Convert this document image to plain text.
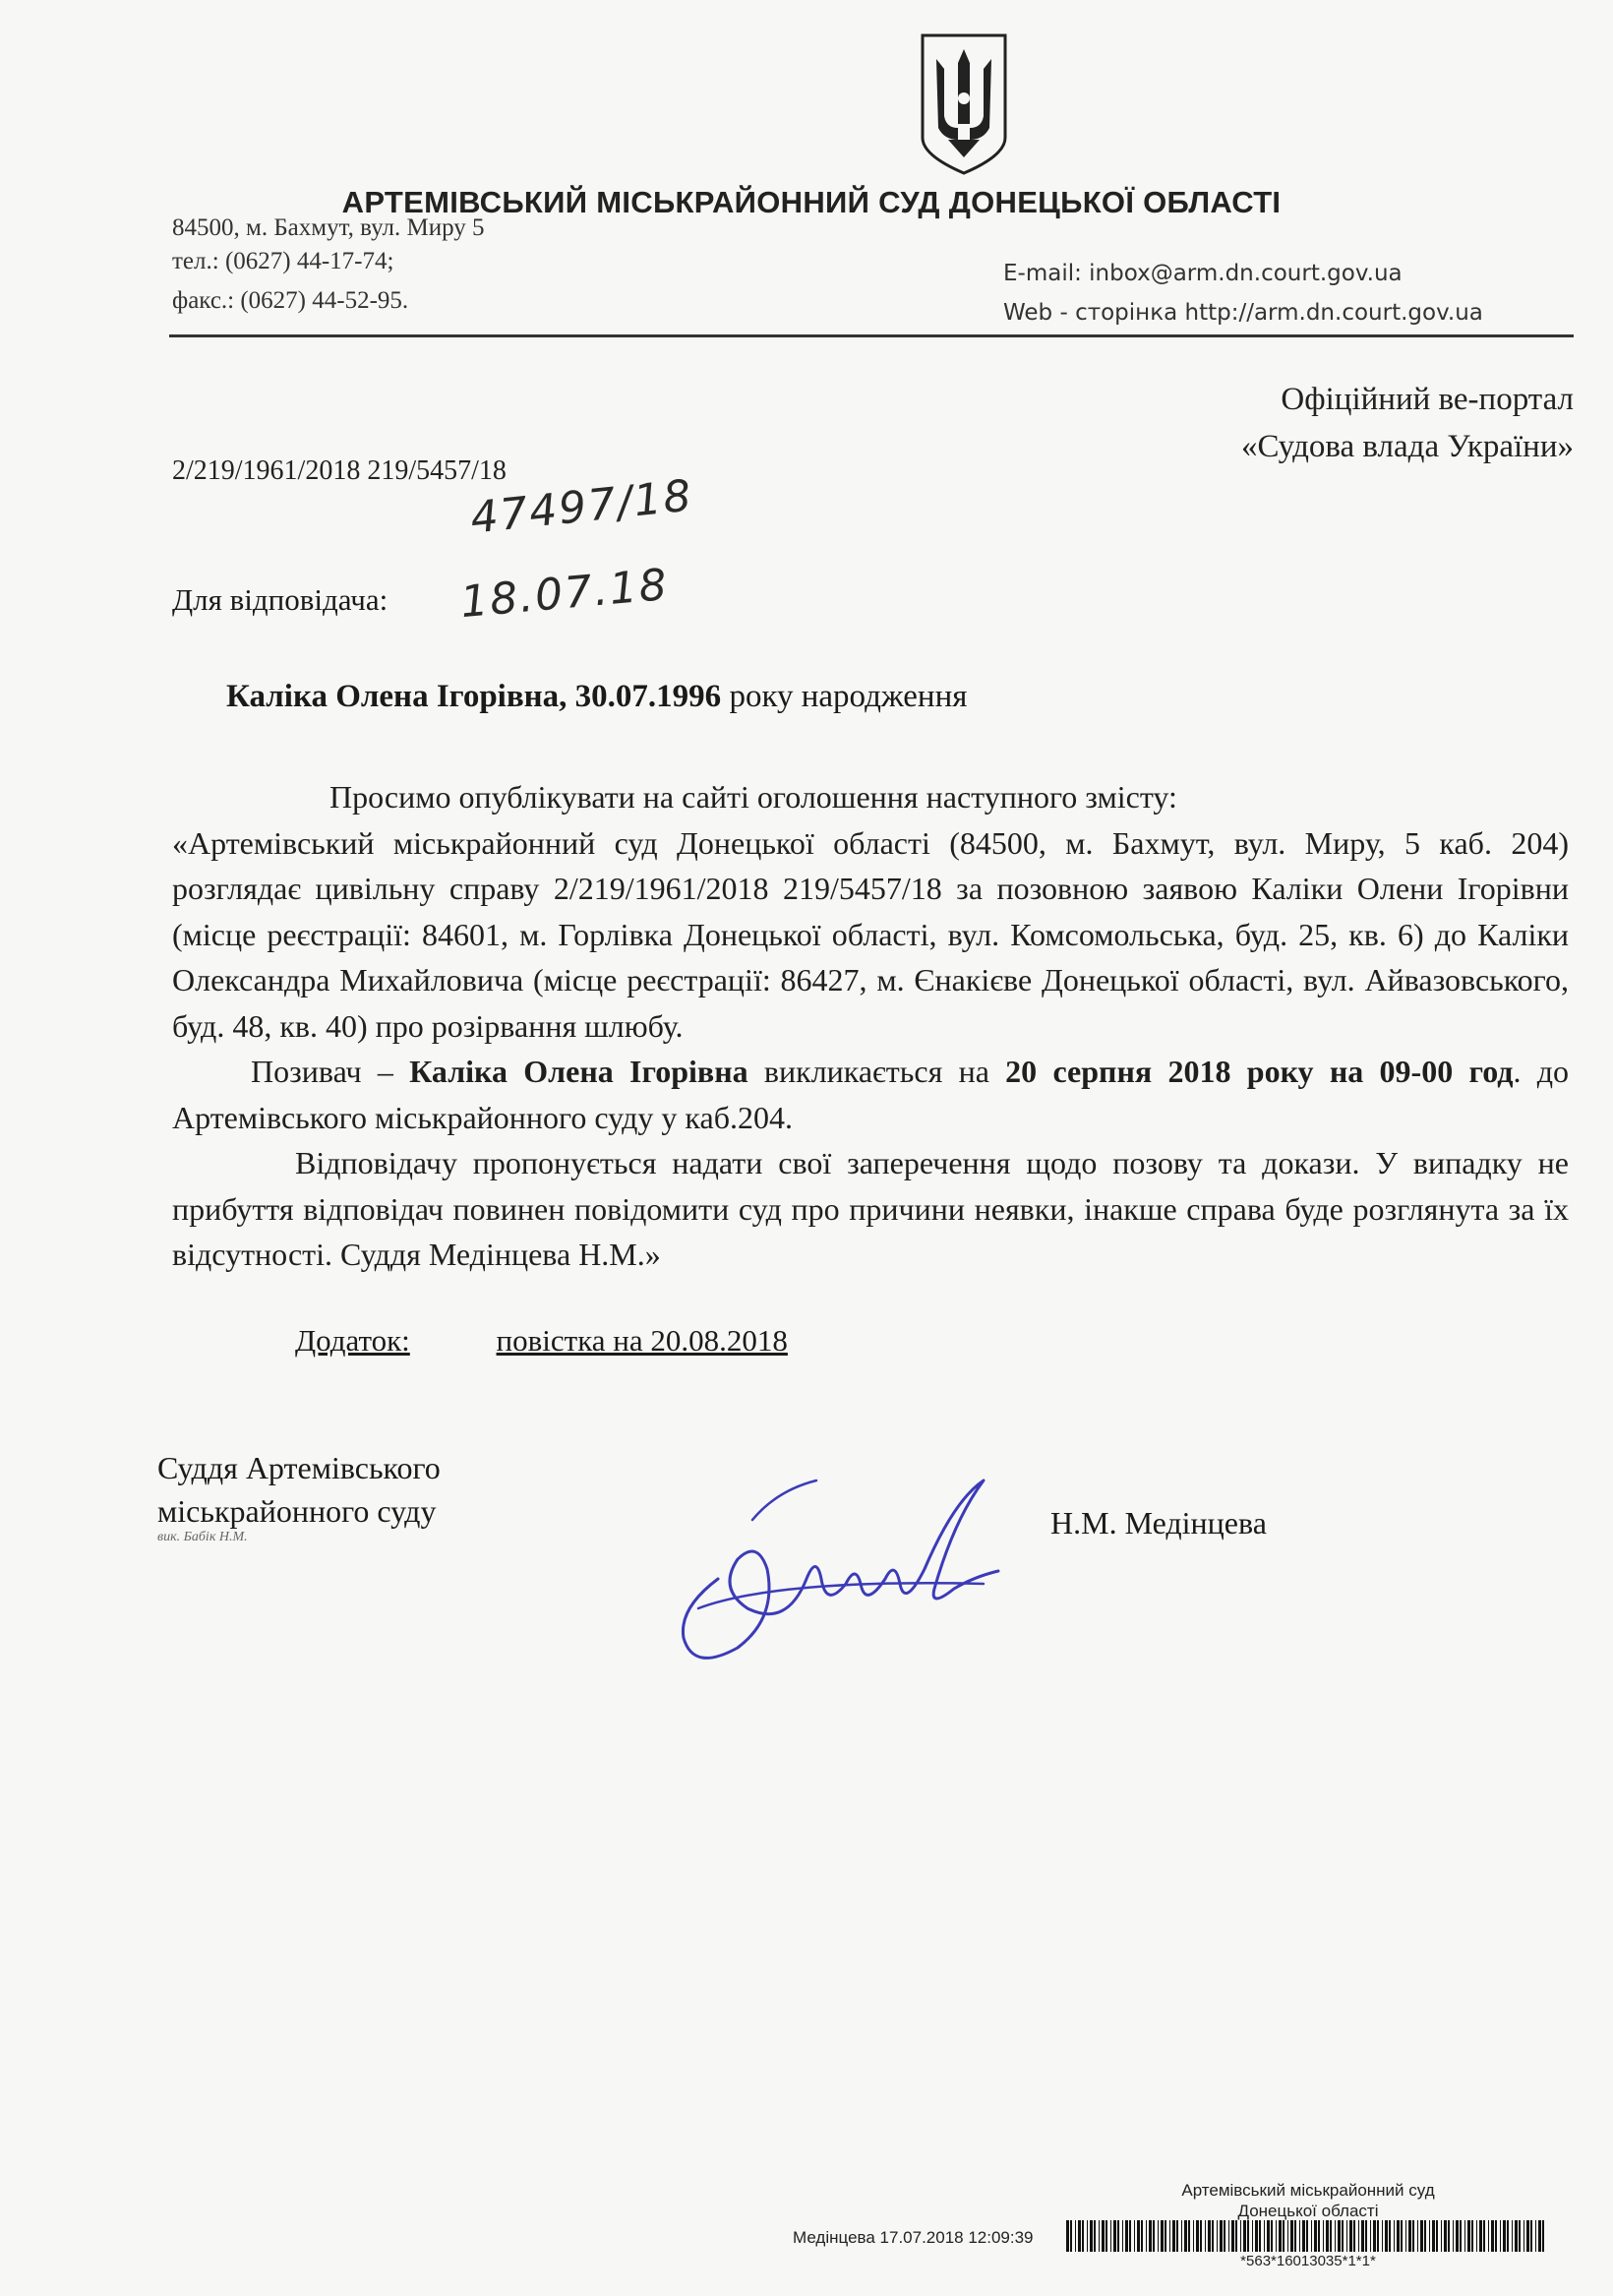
АРТЕМІВСЬКИЙ МІСЬКРАЙОННИЙ СУД ДОНЕЦЬКОЇ ОБЛАСТІ
84500, м. Бахмут, вул. Миру 5
тел.: (0627) 44-17-74;
факс.: (0627) 44-52-95.
E-mail: inbox@arm.dn.court.gov.ua
Web - сторінка http://arm.dn.court.gov.ua
Офіційний ве-портал
«Судова влада України»
2/219/1961/2018 219/5457/18
47497/18
Для відповідача: 18.07.18
Каліка Олена Ігорівна, 30.07.1996 року народження

Просимо опублікувати на сайті оголошення наступного змісту:

«Артемівський міськрайонний суд Донецької області (84500, м. Бахмут, вул. Миру, 5 каб. 204) розглядає цивільну справу 2/219/1961/2018 219/5457/18 за позовною заявою Каліки Олени Ігорівни (місце реєстрації: 84601, м. Горлівка Донецької області, вул. Комсомольська, буд. 25, кв. 6) до Каліки Олександра Михайловича (місце реєстрації: 86427, м. Єнакієве Донецької області, вул. Айвазовського, буд. 48, кв. 40) про розірвання шлюбу.

Позивач – Каліка Олена Ігорівна викликається на 20 серпня 2018 року на 09-00 год. до Артемівського міськрайонного суду у каб.204.

Відповідачу пропонується надати свої заперечення щодо позову та докази. У випадку не прибуття відповідач повинен повідомити суд про причини неявки, інакше справа буде розглянута за їх відсутності. Суддя Медінцева Н.М.»

Додаток:	повістка на 20.08.2018
Суддя Артемівського
міськрайонного суду
вик. Бабік Н.М.	Н.М. Медінцева
Артемівський міськрайонний суд
Донецької області
Медінцева 17.07.2018 12:09:39
*563*16013035*1*1*
